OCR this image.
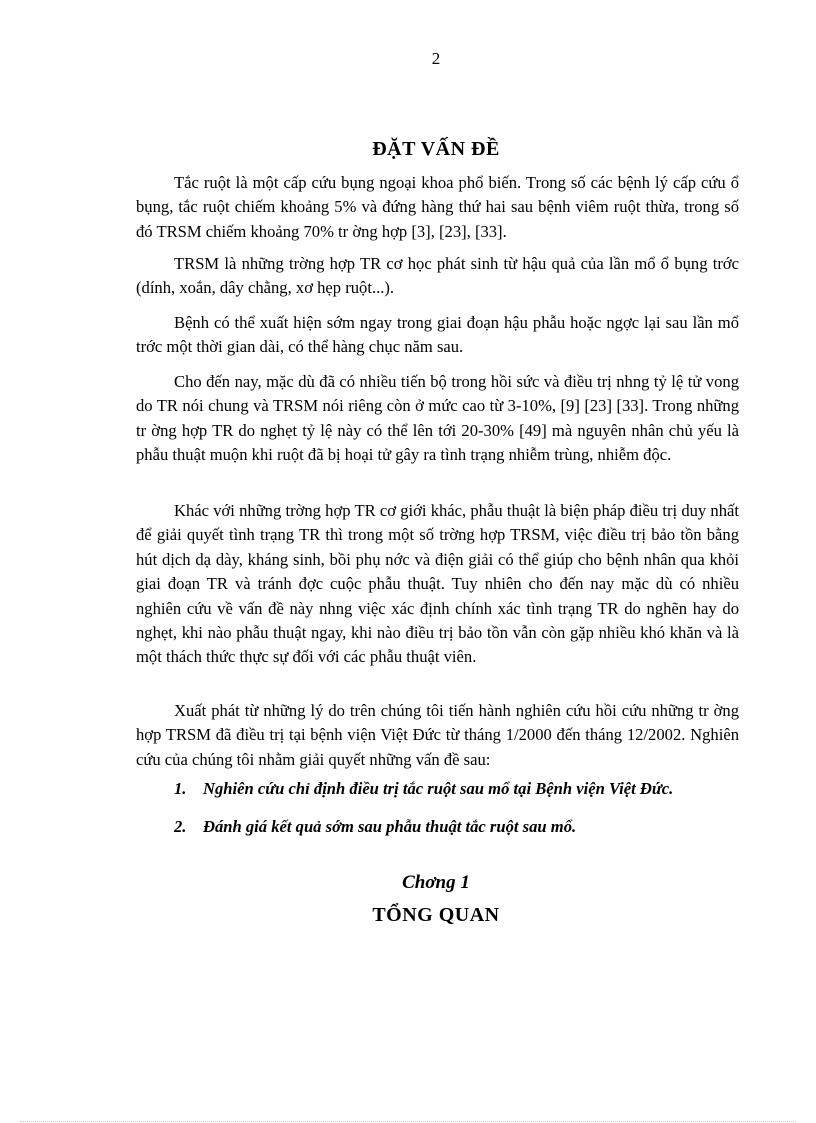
2
ĐẶT VẤN ĐỀ

Tắc ruột là một cấp cứu bụng ngoại khoa phổ biến. Trong số các bệnh lý cấp cứu ổ bụng, tắc ruột chiếm khoảng 5% và đứng hàng thứ hai sau bệnh viêm ruột thừa, trong số đó TRSM chiếm khoảng 70% tr ờng hợp [3], [23], [33].

TRSM là những trờng hợp TR cơ học phát sinh từ hậu quả của lần mổ ổ bụng trớc (dính, xoắn, dây chằng, xơ hẹp ruột...).

Bệnh có thể xuất hiện sớm ngay trong giai đoạn hậu phẫu hoặc ngợc lại sau lần mổ trớc một thời gian dài, có thể hàng chục năm sau.

Cho đến nay, mặc dù đã có nhiều tiến bộ trong hồi sức và điều trị nhng tỷ lệ tử vong do TR nói chung và TRSM nói riêng còn ở mức cao từ 3-10%, [9] [23] [33]. Trong những tr ờng hợp TR do nghẹt tỷ lệ này có thể lên tới 20-30% [49] mà nguyên nhân chủ yếu là phẫu thuật muộn khi ruột đã bị hoại tử gây ra tình trạng nhiễm trùng, nhiễm độc.

Khác với những trờng hợp TR cơ giới khác, phẫu thuật là biện pháp điều trị duy nhất để giải quyết tình trạng TR thì trong một số trờng hợp TRSM, việc điều trị bảo tồn bằng hút dịch dạ dày, kháng sinh, bồi phụ nớc và điện giải có thể giúp cho bệnh nhân qua khỏi giai đoạn TR và tránh đợc cuộc phẫu thuật. Tuy nhiên cho đến nay mặc dù có nhiều nghiên cứu về vấn đề này nhng việc xác định chính xác tình trạng TR do nghẽn hay do nghẹt, khi nào phẫu thuật ngay, khi nào điều trị bảo tồn vẫn còn gặp nhiều khó khăn và là một thách thức thực sự đối với các phẫu thuật viên.

Xuất phát từ những lý do trên chúng tôi tiến hành nghiên cứu hồi cứu những tr ờng hợp TRSM đã điều trị tại bệnh viện Việt Đức từ tháng 1/2000 đến tháng 12/2002. Nghiên cứu của chúng tôi nhằm giải quyết những vấn đề sau:

1. Nghiên cứu chỉ định điều trị tắc ruột sau mổ tại Bệnh viện Việt Đức.
2. Đánh giá kết quả sớm sau phẫu thuật tắc ruột sau mổ.
Chơng 1
TỔNG QUAN
